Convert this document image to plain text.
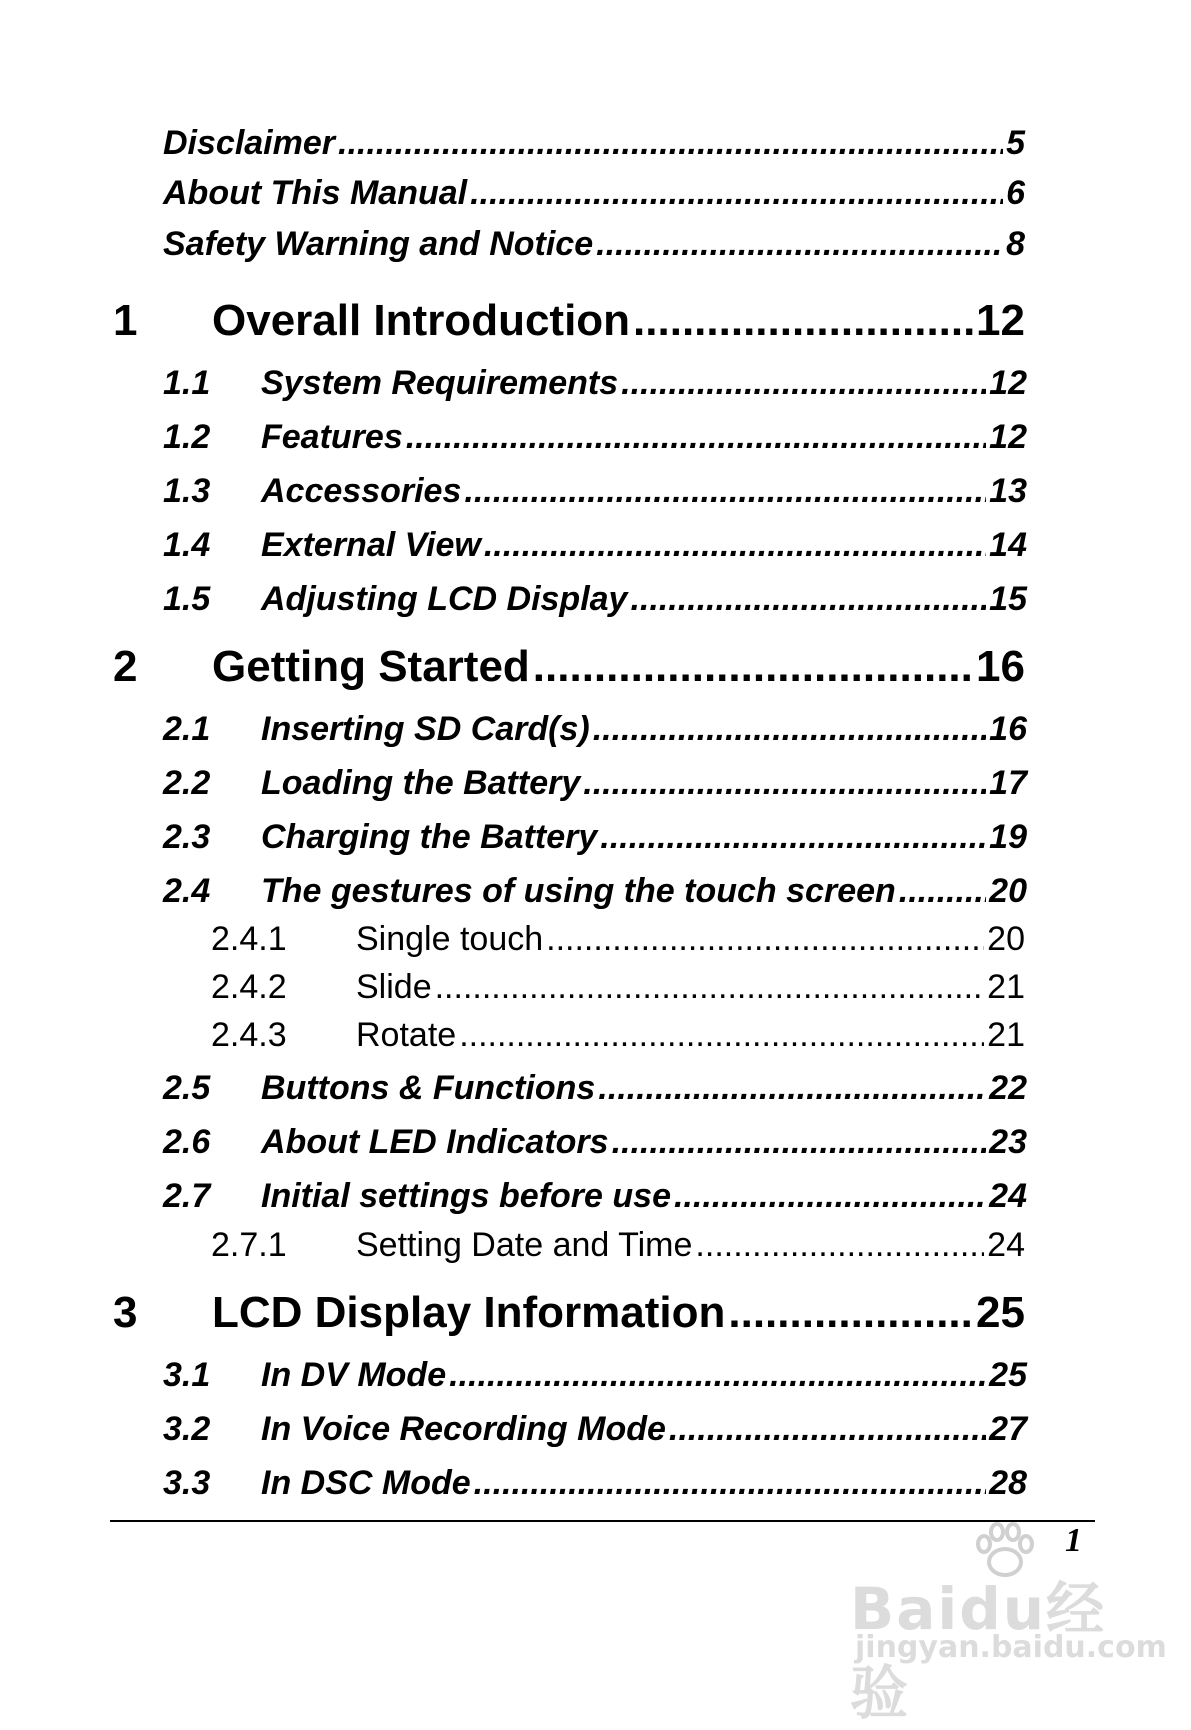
Disclaimer .....	5
About This Manual .....	6
Safety Warning and Notice .....	8
1	Overall Introduction .....	12
1.1	System Requirements .....	12
1.2	Features .....	12
1.3	Accessories .....	13
1.4	External View .....	14
1.5	Adjusting LCD Display .....	15
2	Getting Started .....	16
2.1	Inserting SD Card(s) .....	16
2.2	Loading the Battery .....	17
2.3	Charging the Battery .....	19
2.4	The gestures of using the touch screen .....	20
2.4.1	Single touch .....	20
2.4.2	Slide .....	21
2.4.3	Rotate .....	21
2.5	Buttons & Functions .....	22
2.6	About LED Indicators .....	23
2.7	Initial settings before use .....	24
2.7.1	Setting Date and Time .....	24
3	LCD Display Information .....	25
3.1	In DV Mode .....	25
3.2	In Voice Recording Mode .....	27
3.3	In DSC Mode .....	28
1
Baidu经验
jingyan.baidu.com
